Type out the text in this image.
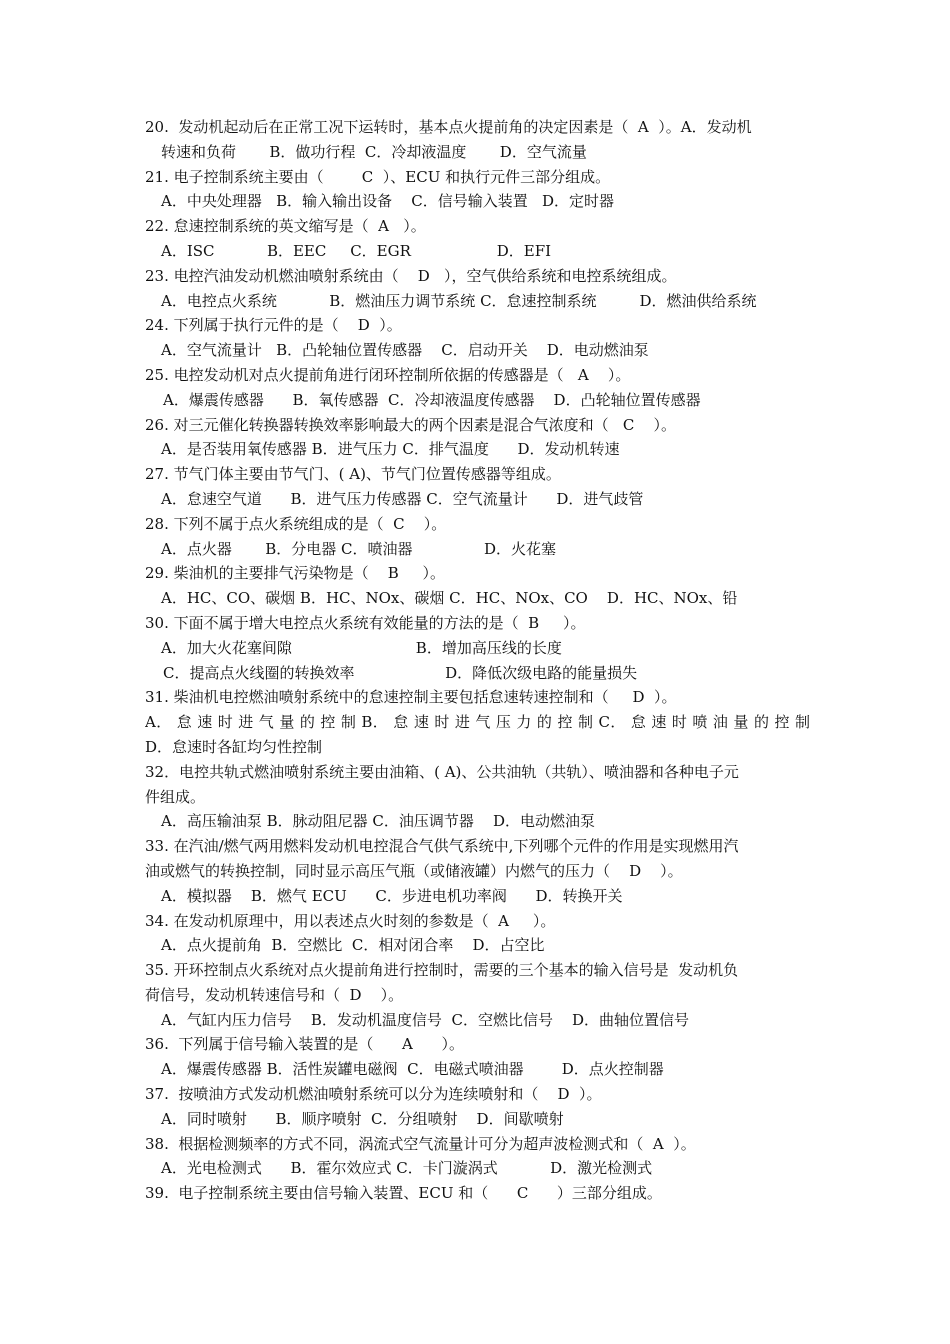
20.  发动机起动后在正常工况下运转时，基本点火提前角的决定因素是（  A  ）。A．发动机
转速和负荷       B．做功行程  C．冷却液温度       D．空气流量
21. 电子控制系统主要由（        C  ）、ECU 和执行元件三部分组成。
A．中央处理器   B．输入输出设备    C．信号输入装置   D．定时器
22. 怠速控制系统的英文缩写是（  A   ）。
A．ISC           B．EEC     C．EGR                  D．EFI
23. 电控汽油发动机燃油喷射系统由（    D   ），空气供给系统和电控系统组成。
A．电控点火系统           B．燃油压力调节系统 C．怠速控制系统         D．燃油供给系统
24. 下列属于执行元件的是（    D  ）。
A．空气流量计   B．凸轮轴位置传感器    C．启动开关    D．电动燃油泵
25. 电控发动机对点火提前角进行闭环控制所依据的传感器是（   A    ）。
A．爆震传感器      B．氧传感器  C．冷却液温度传感器    D．凸轮轴位置传感器
26. 对三元催化转换器转换效率影响最大的两个因素是混合气浓度和（   C    ）。
A．是否装用氧传感器 B．进气压力 C．排气温度      D．发动机转速
27. 节气门体主要由节气门、( A)、节气门位置传感器等组成。
A．怠速空气道      B．进气压力传感器 C．空气流量计      D．进气歧管
28. 下列不属于点火系统组成的是（  C    ）。
A．点火器       B．分电器 C．喷油器               D．火花塞
29. 柴油机的主要排气污染物是（    B     ）。
A．HC、CO、碳烟 B．HC、NOx、碳烟 C．HC、NOx、CO    D．HC、NOx、铅
30. 下面不属于增大电控点火系统有效能量的方法的是（  B     ）。
A．加大火花塞间隙                          B．增加高压线的长度
C．提高点火线圈的转换效率                   D．降低次级电路的能量损失
31. 柴油机电控燃油喷射系统中的怠速控制主要包括怠速转速控制和（     D  ）。
A． 怠 速 时 进 气 量 的 控 制 B． 怠 速 时 进 气 压 力 的 控 制 C． 怠 速 时 喷 油 量 的 控 制
D．怠速时各缸均匀性控制
32．电控共轨式燃油喷射系统主要由油箱、( A)、公共油轨（共轨）、喷油器和各种电子元
件组成。
A．高压输油泵 B．脉动阻尼器 C．油压调节器    D．电动燃油泵
33. 在汽油/燃气两用燃料发动机电控混合气供气系统中,下列哪个元件的作用是实现燃用汽
油或燃气的转换控制，同时显示高压气瓶（或储液罐）内燃气的压力（    D    ）。
A．模拟器    B．燃气 ECU      C．步进电机功率阀      D．转换开关
34. 在发动机原理中，用以表述点火时刻的参数是（  A     ）。
A．点火提前角  B．空燃比  C．相对闭合率    D．占空比
35. 开环控制点火系统对点火提前角进行控制时，需要的三个基本的输入信号是  发动机负
荷信号，发动机转速信号和（  D    ）。
A．气缸内压力信号    B．发动机温度信号  C．空燃比信号    D．曲轴位置信号
36.  下列属于信号输入装置的是（      A      ）。
A．爆震传感器 B．活性炭罐电磁阀  C．电磁式喷油器        D．点火控制器
37.  按喷油方式发动机燃油喷射系统可以分为连续喷射和（    D  ）。
A．同时喷射      B．顺序喷射  C．分组喷射    D．间歇喷射
38.  根据检测频率的方式不同，涡流式空气流量计可分为超声波检测式和（  A  ）。
A．光电检测式      B．霍尔效应式 C．卡门漩涡式           D．激光检测式
39.  电子控制系统主要由信号输入装置、ECU 和（      C      ）三部分组成。
